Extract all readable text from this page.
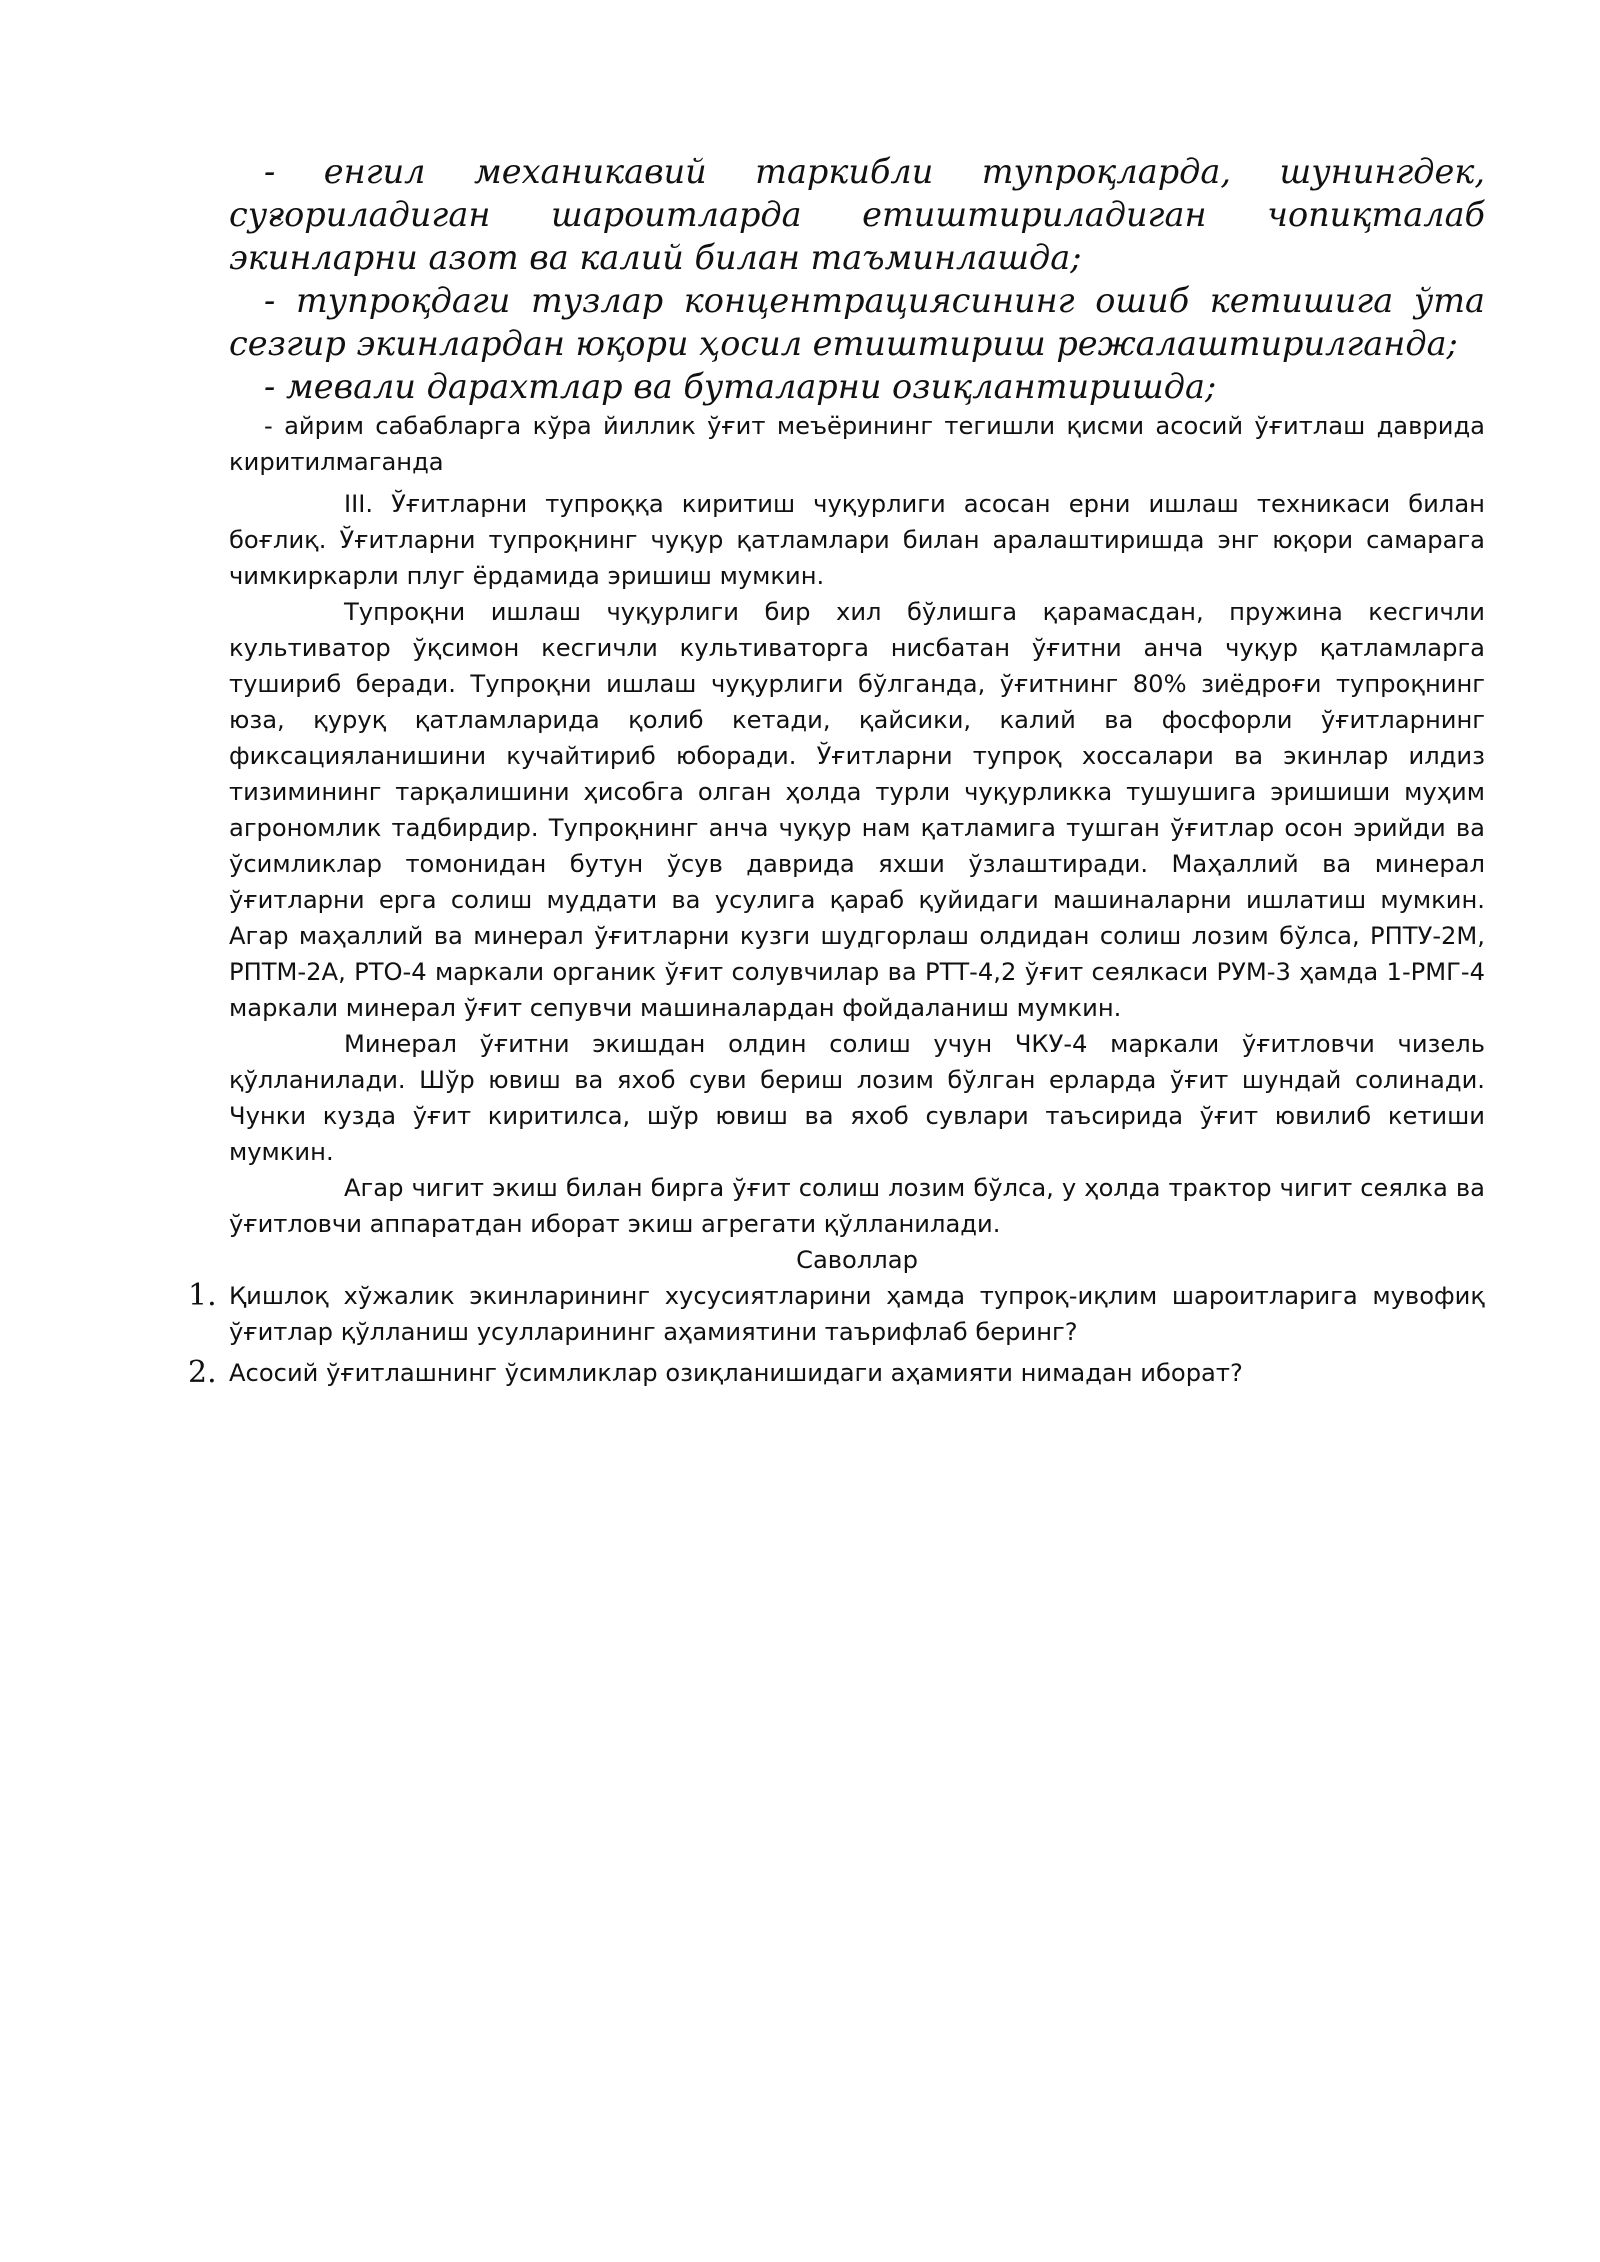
- енгил механикавий таркибли тупроқларда, шунингдек, суғориладиган шароитларда етиштириладиган чопиқталаб экинларни азот ва калий билан таъминлашда;

- тупроқдаги тузлар концентрациясининг ошиб кетишига ўта сезгир экинлардан юқори ҳосил етиштириш режалаштирилганда;

- мевали дарахтлар ва буталарни озиқлантиришда;

- айрим сабабларга кўра йиллик ўғит меъёрининг тегишли қисми асосий ўғитлаш даврида киритилмаганда

III. Ўғитларни тупроққа киритиш чуқурлиги асосан ерни ишлаш техникаси билан боғлиқ. Ўғитларни тупроқнинг чуқур қатламлари билан аралаштиришда энг юқори самарага чимкиркарли плуг ёрдамида эришиш мумкин.

Тупроқни ишлаш чуқурлиги бир хил бўлишга қарамасдан, пружина кесгичли культиватор ўқсимон кесгичли культиваторга нисбатан ўғитни анча чуқур қатламларга тушириб беради. Тупроқни ишлаш чуқурлиги бўлганда, ўғитнинг 80% зиёдроғи тупроқнинг юза, қуруқ қатламларида қолиб кетади, қайсики, калий ва фосфорли ўғитларнинг фиксацияланишини кучайтириб юборади. Ўғитларни тупроқ хоссалари ва экинлар илдиз тизимининг тарқалишини ҳисобга олган ҳолда турли чуқурликка тушушига эришиши муҳим агрономлик тадбирдир. Тупроқнинг анча чуқур нам қатламига тушган ўғитлар осон эрийди ва ўсимликлар томонидан бутун ўсув даврида яхши ўзлаштиради. Маҳаллий ва минерал ўғитларни ерга солиш муддати ва усулига қараб қуйидаги машиналарни ишлатиш мумкин. Агар маҳаллий ва минерал ўғитларни кузги шудгорлаш олдидан солиш лозим бўлса, РПТУ-2М, РПТМ-2А, РТО-4 маркали органик ўғит солувчилар ва РТТ-4,2 ўғит сеялкаси РУМ-3 ҳамда 1-РМГ-4 маркали минерал ўғит сепувчи машиналардан фойдаланиш мумкин.

Минерал ўғитни экишдан олдин солиш учун ЧКУ-4 маркали ўғитловчи чизель қўлланилади. Шўр ювиш ва яхоб суви бериш лозим бўлган ерларда ўғит шундай солинади. Чунки кузда ўғит киритилса, шўр ювиш ва яхоб сувлари таъсирида ўғит ювилиб кетиши мумкин.

Агар чигит экиш билан бирга ўғит солиш лозим бўлса, у ҳолда трактор чигит сеялка ва ўғитловчи аппаратдан иборат экиш агрегати қўлланилади.

Саволлар

1. Қишлоқ хўжалик экинларининг хусусиятларини ҳамда тупроқ-иқлим шароитларига мувофиқ ўғитлар қўлланиш усулларининг аҳамиятини таърифлаб беринг?
2. Асосий ўғитлашнинг ўсимликлар озиқланишидаги аҳамияти нимадан иборат?
